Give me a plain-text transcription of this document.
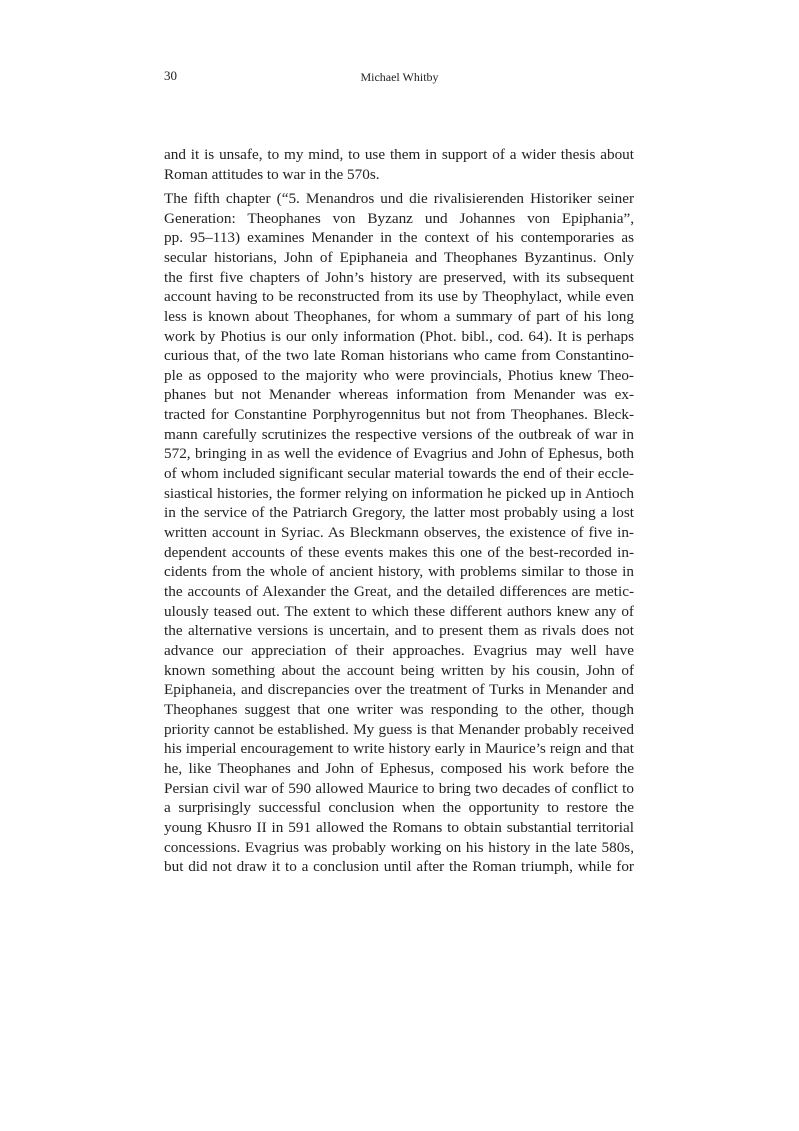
30	Michael Whitby

and it is unsafe, to my mind, to use them in support of a wider thesis about
Roman attitudes to war in the 570s.

The fifth chapter (“5. Menandros und die rivalisierenden Historiker seiner
Generation: Theophanes von Byzanz und Johannes von Epiphania”,
pp. 95–113) examines Menander in the context of his contemporaries as
secular historians, John of Epiphaneia and Theophanes Byzantinus. Only
the first five chapters of John’s history are preserved, with its subsequent
account having to be reconstructed from its use by Theophylact, while even
less is known about Theophanes, for whom a summary of part of his long
work by Photius is our only information (Phot. bibl., cod. 64). It is perhaps
curious that, of the two late Roman historians who came from Constantino-
ple as opposed to the majority who were provincials, Photius knew Theo-
phanes but not Menander whereas information from Menander was ex-
tracted for Constantine Porphyrogennitus but not from Theophanes. Bleck-
mann carefully scrutinizes the respective versions of the outbreak of war in
572, bringing in as well the evidence of Evagrius and John of Ephesus, both
of whom included significant secular material towards the end of their eccle-
siastical histories, the former relying on information he picked up in Antioch
in the service of the Patriarch Gregory, the latter most probably using a lost
written account in Syriac. As Bleckmann observes, the existence of five in-
dependent accounts of these events makes this one of the best-recorded in-
cidents from the whole of ancient history, with problems similar to those in
the accounts of Alexander the Great, and the detailed differences are metic-
ulously teased out. The extent to which these different authors knew any of
the alternative versions is uncertain, and to present them as rivals does not
advance our appreciation of their approaches. Evagrius may well have
known something about the account being written by his cousin, John of
Epiphaneia, and discrepancies over the treatment of Turks in Menander and
Theophanes suggest that one writer was responding to the other, though
priority cannot be established. My guess is that Menander probably received
his imperial encouragement to write history early in Maurice’s reign and that
he, like Theophanes and John of Ephesus, composed his work before the
Persian civil war of 590 allowed Maurice to bring two decades of conflict to
a surprisingly successful conclusion when the opportunity to restore the
young Khusro II in 591 allowed the Romans to obtain substantial territorial
concessions. Evagrius was probably working on his history in the late 580s,
but did not draw it to a conclusion until after the Roman triumph, while for
